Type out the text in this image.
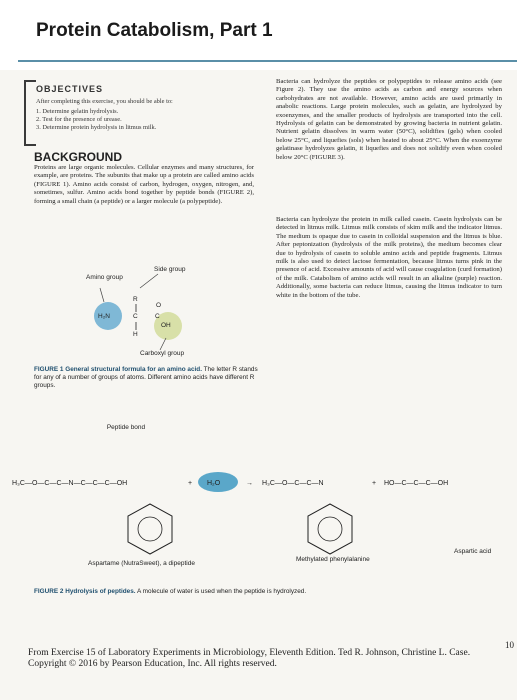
Protein Catabolism, Part 1
OBJECTIVES
After completing this exercise, you should be able to:
1. Determine gelatin hydrolysis.
2. Test for the presence of urease.
3. Determine protein hydrolysis in litmus milk.
BACKGROUND
Proteins are large organic molecules. Cellular enzymes and many structures, for example, are proteins. The subunits that make up a protein are called amino acids (FIGURE 1). Amino acids consist of carbon, hydrogen, oxygen, nitrogen, and, sometimes, sulfur. Amino acids bond together by peptide bonds (FIGURE 2), forming a small chain (a peptide) or a larger molecule (a polypeptide).
Bacteria can hydrolyze the peptides or polypeptides to release amino acids (see Figure 2). They use the amino acids as carbon and energy sources when carbohydrates are not available. However, amino acids are used primarily in anabolic reactions. Large protein molecules, such as gelatin, are hydrolyzed by exoenzymes, and the smaller products of hydrolysis are transported into the cell. Hydrolysis of gelatin can be demonstrated by growing bacteria in nutrient gelatin. Nutrient gelatin dissolves in warm water (50°C), solidifies (gels) when cooled below 25°C, and liquefies (sols) when heated to about 25°C. When the exoenzyme gelatinase hydrolyzes gelatin, it liquefies and does not solidify even when cooled below 20°C (FIGURE 3).
Bacteria can hydrolyze the protein in milk called casein. Casein hydrolysis can be detected in litmus milk. Litmus milk consists of skim milk and the indicator litmus. The medium is opaque due to casein in colloidal suspension and the litmus is blue. After peptonization (hydrolysis of the milk proteins), the medium becomes clear due to hydrolysis of casein to soluble amino acids and peptide fragments. Litmus milk is also used to detect lactose fermentation, because litmus turns pink in the presence of acid. Excessive amounts of acid will cause coagulation (curd formation) of the milk. Catabolism of amino acids will result in an alkaline (purple) reaction. Additionally, some bacteria can reduce litmus, causing the litmus indicator to turn white in the bottom of the tube.
Side group
Amino group
R
H₂N	C	C
O
OH
H
Carboxyl group
FIGURE 1 General structural formula for an amino acid. The letter R stands for any of a number of groups of atoms. Different amino acids have different R groups.
Peptide bond
H₃C—O—C—C—N—C—C—C—OH	+ H₂O	→ H₃C—O—C—C—N	+ HO—C—C—C—OH
Aspartame (NutraSweet), a dipeptide
Methylated phenylalanine
Aspartic acid
FIGURE 2 Hydrolysis of peptides. A molecule of water is used when the peptide is hydrolyzed.
From Exercise 15 of Laboratory Experiments in Microbiology, Eleventh Edition. Ted R. Johnson, Christine L. Case.
Copyright © 2016 by Pearson Education, Inc. All rights reserved.
10
